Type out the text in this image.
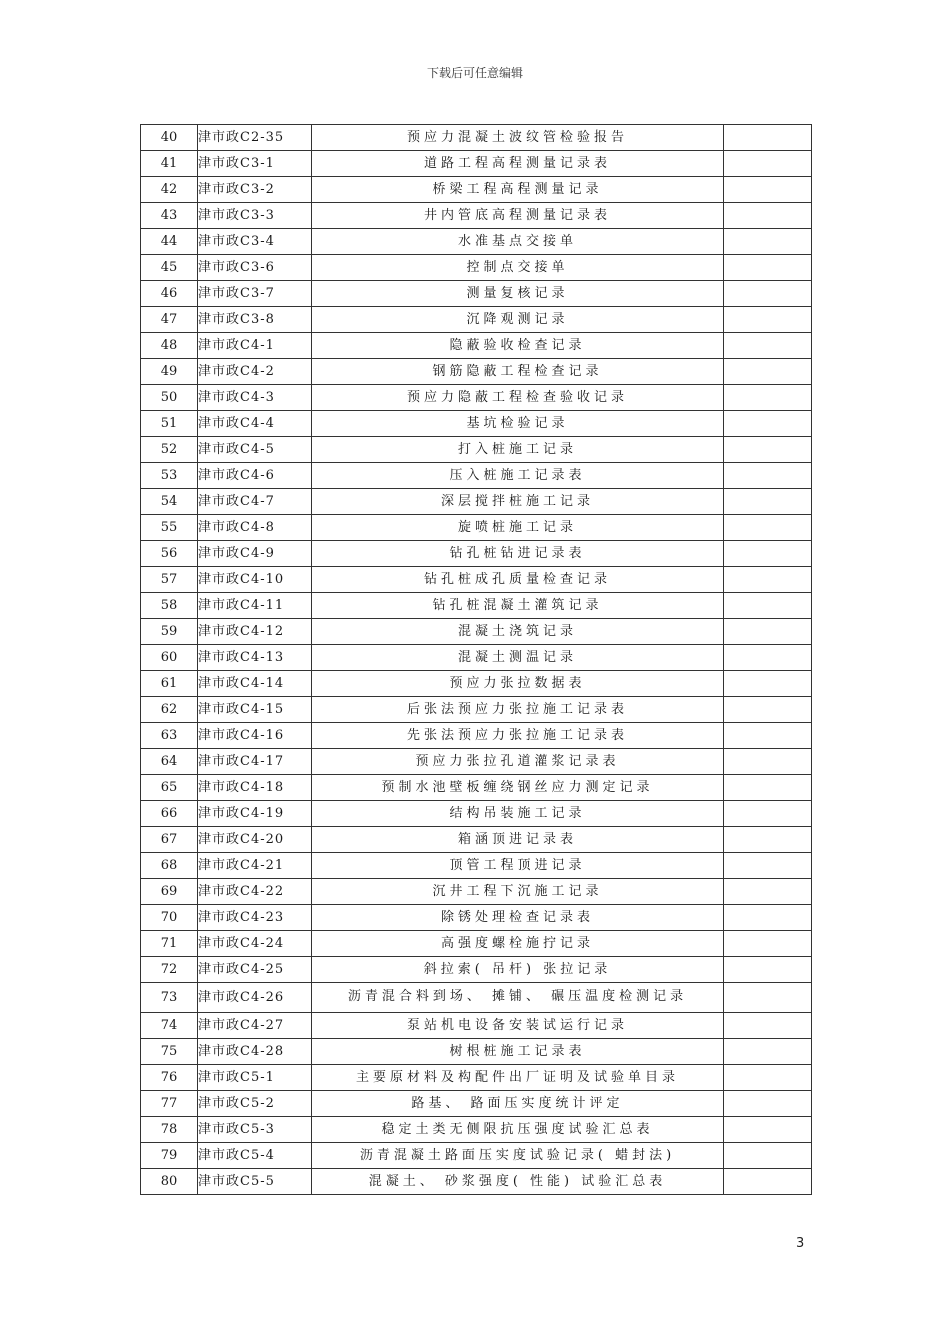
下载后可任意编辑
40	津市政C2-35	预应力混凝土波纹管检验报告	
41	津市政C3-1	道路工程高程测量记录表	
42	津市政C3-2	桥梁工程高程测量记录	
43	津市政C3-3	井内管底高程测量记录表	
44	津市政C3-4	水准基点交接单	
45	津市政C3-6	控制点交接单	
46	津市政C3-7	测量复核记录	
47	津市政C3-8	沉降观测记录	
48	津市政C4-1	隐蔽验收检查记录	
49	津市政C4-2	钢筋隐蔽工程检查记录	
50	津市政C4-3	预应力隐蔽工程检查验收记录	
51	津市政C4-4	基坑检验记录	
52	津市政C4-5	打入桩施工记录	
53	津市政C4-6	压入桩施工记录表	
54	津市政C4-7	深层搅拌桩施工记录	
55	津市政C4-8	旋喷桩施工记录	
56	津市政C4-9	钻孔桩钻进记录表	
57	津市政C4-10	钻孔桩成孔质量检查记录	
58	津市政C4-11	钻孔桩混凝土灌筑记录	
59	津市政C4-12	混凝土浇筑记录	
60	津市政C4-13	混凝土测温记录	
61	津市政C4-14	预应力张拉数据表	
62	津市政C4-15	后张法预应力张拉施工记录表	
63	津市政C4-16	先张法预应力张拉施工记录表	
64	津市政C4-17	预应力张拉孔道灌浆记录表	
65	津市政C4-18	预制水池壁板缠绕钢丝应力测定记录	
66	津市政C4-19	结构吊装施工记录	
67	津市政C4-20	箱涵顶进记录表	
68	津市政C4-21	顶管工程顶进记录	
69	津市政C4-22	沉井工程下沉施工记录	
70	津市政C4-23	除锈处理检查记录表	
71	津市政C4-24	高强度螺栓施拧记录	
72	津市政C4-25	斜拉索( 吊杆) 张拉记录	
73	津市政C4-26	沥青混合料到场、 摊铺、 碾压温度检测记录	
74	津市政C4-27	泵站机电设备安装试运行记录	
75	津市政C4-28	树根桩施工记录表	
76	津市政C5-1	主要原材料及构配件出厂证明及试验单目录	
77	津市政C5-2	路基、 路面压实度统计评定	
78	津市政C5-3	稳定土类无侧限抗压强度试验汇总表	
79	津市政C5-4	沥青混凝土路面压实度试验记录( 蜡封法)	
80	津市政C5-5	混凝土、 砂浆强度( 性能) 试验汇总表	
3
